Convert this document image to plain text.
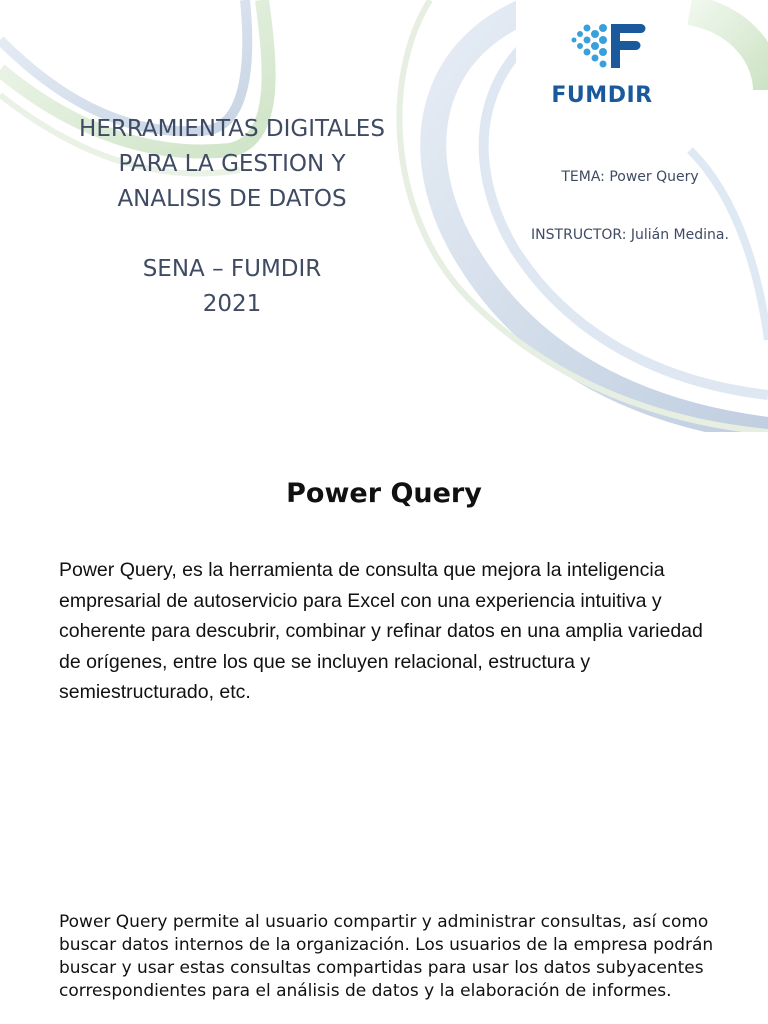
HERRAMIENTAS DIGITALES
PARA LA GESTION Y
ANALISIS DE DATOS
SENA – FUMDIR
2021
FUMDIR
TEMA: Power Query
INSTRUCTOR: Julián Medina.
Power Query
Power Query, es la herramienta de consulta que mejora la inteligencia empresarial de autoservicio para Excel con una experiencia intuitiva y coherente para descubrir, combinar y refinar datos en una amplia variedad de orígenes, entre los que se incluyen relacional, estructura y semiestructurado, etc.
Power Query permite al usuario compartir y administrar consultas, así como buscar datos internos de la organización. Los usuarios de la empresa podrán buscar y usar estas consultas compartidas para usar los datos subyacentes correspondientes para el análisis de datos y la elaboración de informes.
